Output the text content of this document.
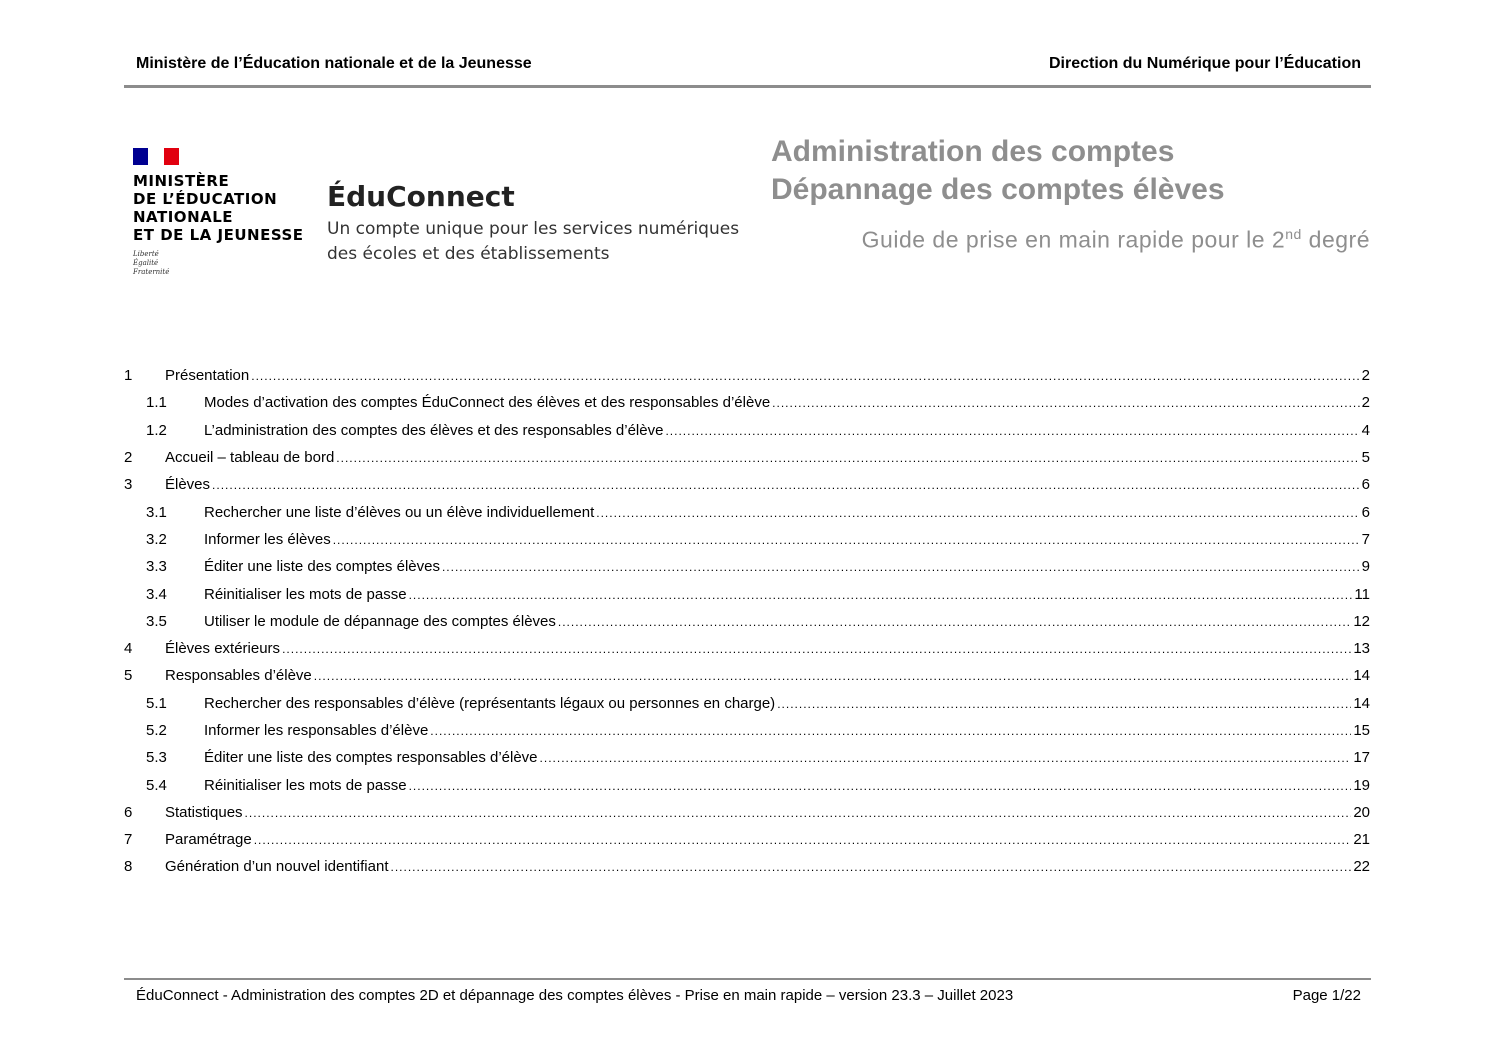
Ministère de l’Éducation nationale et de la Jeunesse	Direction du Numérique pour l’Éducation
MINISTÈRE
DE L’ÉDUCATION
NATIONALE
ET DE LA JEUNESSE
Liberté
Égalité
Fraternité
ÉduConnect
Un compte unique pour les services numériques
des écoles et des établissements
Administration des comptes
Dépannage des comptes élèves
Guide de prise en main rapide pour le 2nd degré
1 Présentation .....	2
1.1 Modes d’activation des comptes ÉduConnect des élèves et des responsables d’élève .....	2
1.2 L’administration des comptes des élèves et des responsables d’élève .....	4
2 Accueil – tableau de bord .....	5
3 Élèves .....	6
3.1 Rechercher une liste d’élèves ou un élève individuellement .....	6
3.2 Informer les élèves .....	7
3.3 Éditer une liste des comptes élèves .....	9
3.4 Réinitialiser les mots de passe .....	11
3.5 Utiliser le module de dépannage des comptes élèves .....	12
4 Élèves extérieurs .....	13
5 Responsables d’élève .....	14
5.1 Rechercher des responsables d’élève (représentants légaux ou personnes en charge) .....	14
5.2 Informer les responsables d’élève .....	15
5.3 Éditer une liste des comptes responsables d’élève .....	17
5.4 Réinitialiser les mots de passe .....	19
6 Statistiques .....	20
7 Paramétrage .....	21
8 Génération d’un nouvel identifiant .....	22
ÉduConnect - Administration des comptes 2D et dépannage des comptes élèves - Prise en main rapide – version 23.3 – Juillet 2023	Page 1/22
